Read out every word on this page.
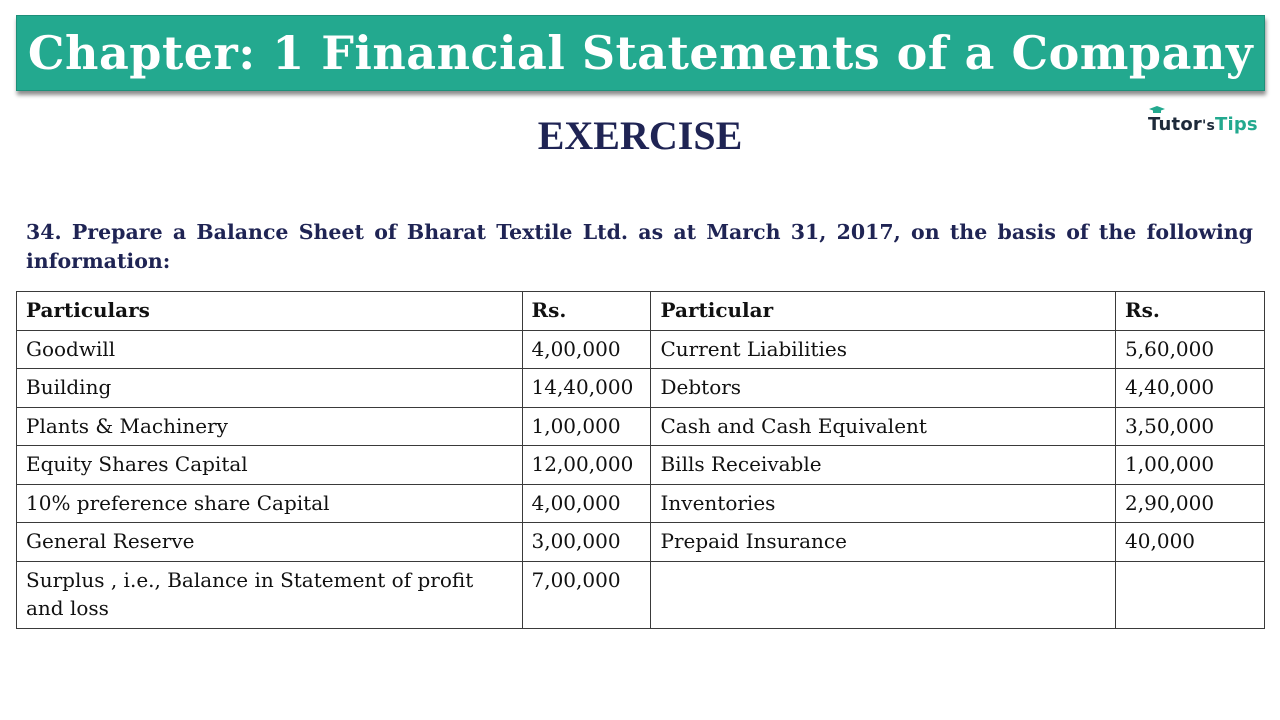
Chapter: 1 Financial Statements of a Company
Tutor'sTips
EXERCISE
34. Prepare a Balance Sheet of Bharat Textile Ltd. as at March 31, 2017, on the basis of the following information:
Particulars	Rs.	Particular	Rs.
Goodwill	4,00,000	Current Liabilities	5,60,000
Building	14,40,000	Debtors	4,40,000
Plants & Machinery	1,00,000	Cash and Cash Equivalent	3,50,000
Equity Shares Capital	12,00,000	Bills Receivable	1,00,000
10% preference share Capital	4,00,000	Inventories	2,90,000
General Reserve	3,00,000	Prepaid Insurance	40,000
Surplus , i.e., Balance in Statement of profit and loss	7,00,000		
